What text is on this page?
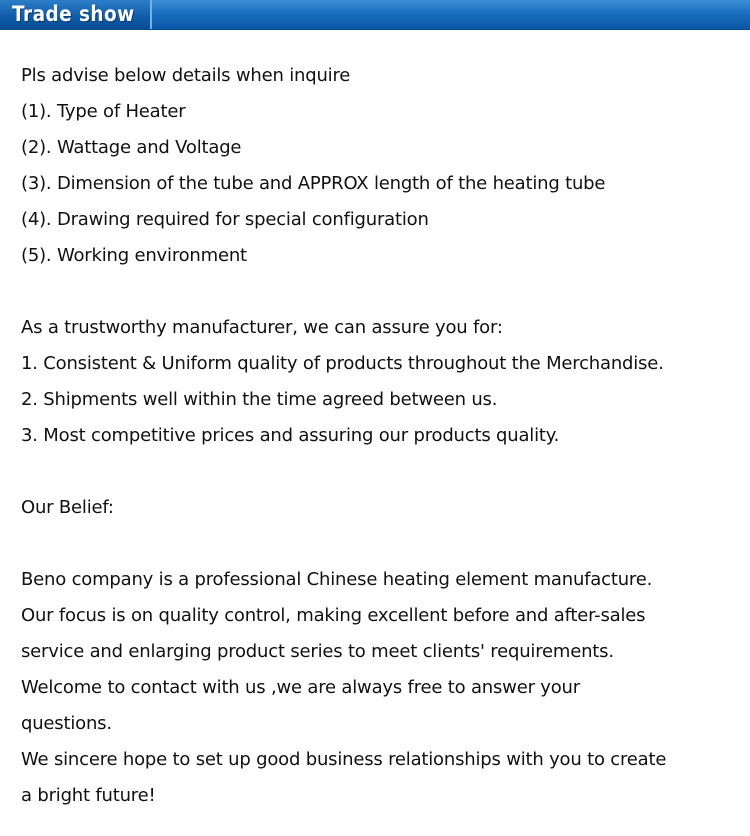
Trade show
Pls advise below details when inquire
(1). Type of Heater
(2). Wattage and Voltage
(3). Dimension of the tube and APPROX length of the heating tube
(4). Drawing required for special configuration
(5). Working environment
As a trustworthy manufacturer, we can assure you for:
1. Consistent & Uniform quality of products throughout the Merchandise.
2. Shipments well within the time agreed between us.
3. Most competitive prices and assuring our products quality.
Our Belief:
Beno company is a professional Chinese heating element manufacture.
Our focus is on quality control, making excellent before and after-sales
service and enlarging product series to meet clients' requirements.
Welcome to contact with us ,we are always free to answer your
questions.
We sincere hope to set up good business relationships with you to create
a bright future!
